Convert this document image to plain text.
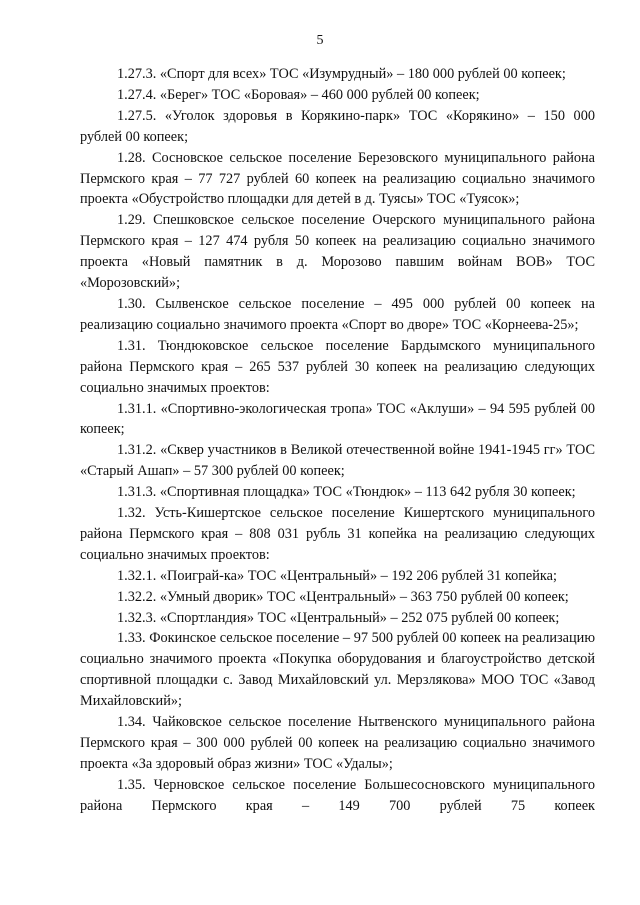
5

1.27.3. «Спорт для всех» ТОС «Изумрудный» – 180 000 рублей 00 копеек;

1.27.4. «Берег» ТОС «Боровая» – 460 000 рублей 00 копеек;

1.27.5. «Уголок здоровья в Корякино-парк» ТОС «Корякино» – 150 000 рублей 00 копеек;

1.28. Сосновское сельское поселение Березовского муниципального района Пермского края – 77 727 рублей 60 копеек на реализацию социально значимого проекта «Обустройство площадки для детей в д. Туясы» ТОС «Туясок»;

1.29. Спешковское сельское поселение Очерского муниципального района Пермского края – 127 474 рубля 50 копеек на реализацию социально значимого проекта «Новый памятник в д. Морозово павшим войнам ВОВ» ТОС «Морозовский»;

1.30. Сылвенское сельское поселение – 495 000 рублей 00 копеек на реализацию социально значимого проекта «Спорт во дворе» ТОС «Корнеева-25»;

1.31. Тюндюковское сельское поселение Бардымского муниципального района Пермского края – 265 537 рублей 30 копеек на реализацию следующих социально значимых проектов:

1.31.1. «Спортивно-экологическая тропа» ТОС «Аклуши» – 94 595 рублей 00 копеек;

1.31.2. «Сквер участников в Великой отечественной войне 1941-1945 гг» ТОС «Старый Ашап» – 57 300 рублей 00 копеек;

1.31.3. «Спортивная площадка» ТОС «Тюндюк» – 113 642 рубля 30 копеек;

1.32. Усть-Кишертское сельское поселение Кишертского муниципального района Пермского края – 808 031 рубль 31 копейка на реализацию следующих социально значимых проектов:

1.32.1. «Поиграй-ка» ТОС «Центральный» – 192 206 рублей 31 копейка;

1.32.2. «Умный дворик» ТОС «Центральный» – 363 750 рублей 00 копеек;

1.32.3. «Спортландия» ТОС «Центральный» – 252 075 рублей 00 копеек;

1.33. Фокинское сельское поселение – 97 500 рублей 00 копеек на реализацию социально значимого проекта «Покупка оборудования и благоустройство детской спортивной площадки с. Завод Михайловский ул. Мерзлякова» МОО ТОС «Завод Михайловский»;

1.34. Чайковское сельское поселение Нытвенского муниципального района Пермского края – 300 000 рублей 00 копеек на реализацию социально значимого проекта «За здоровый образ жизни» ТОС «Удалы»;

1.35. Черновское сельское поселение Большесосновского муниципального района Пермского края – 149 700 рублей 75 копеек
